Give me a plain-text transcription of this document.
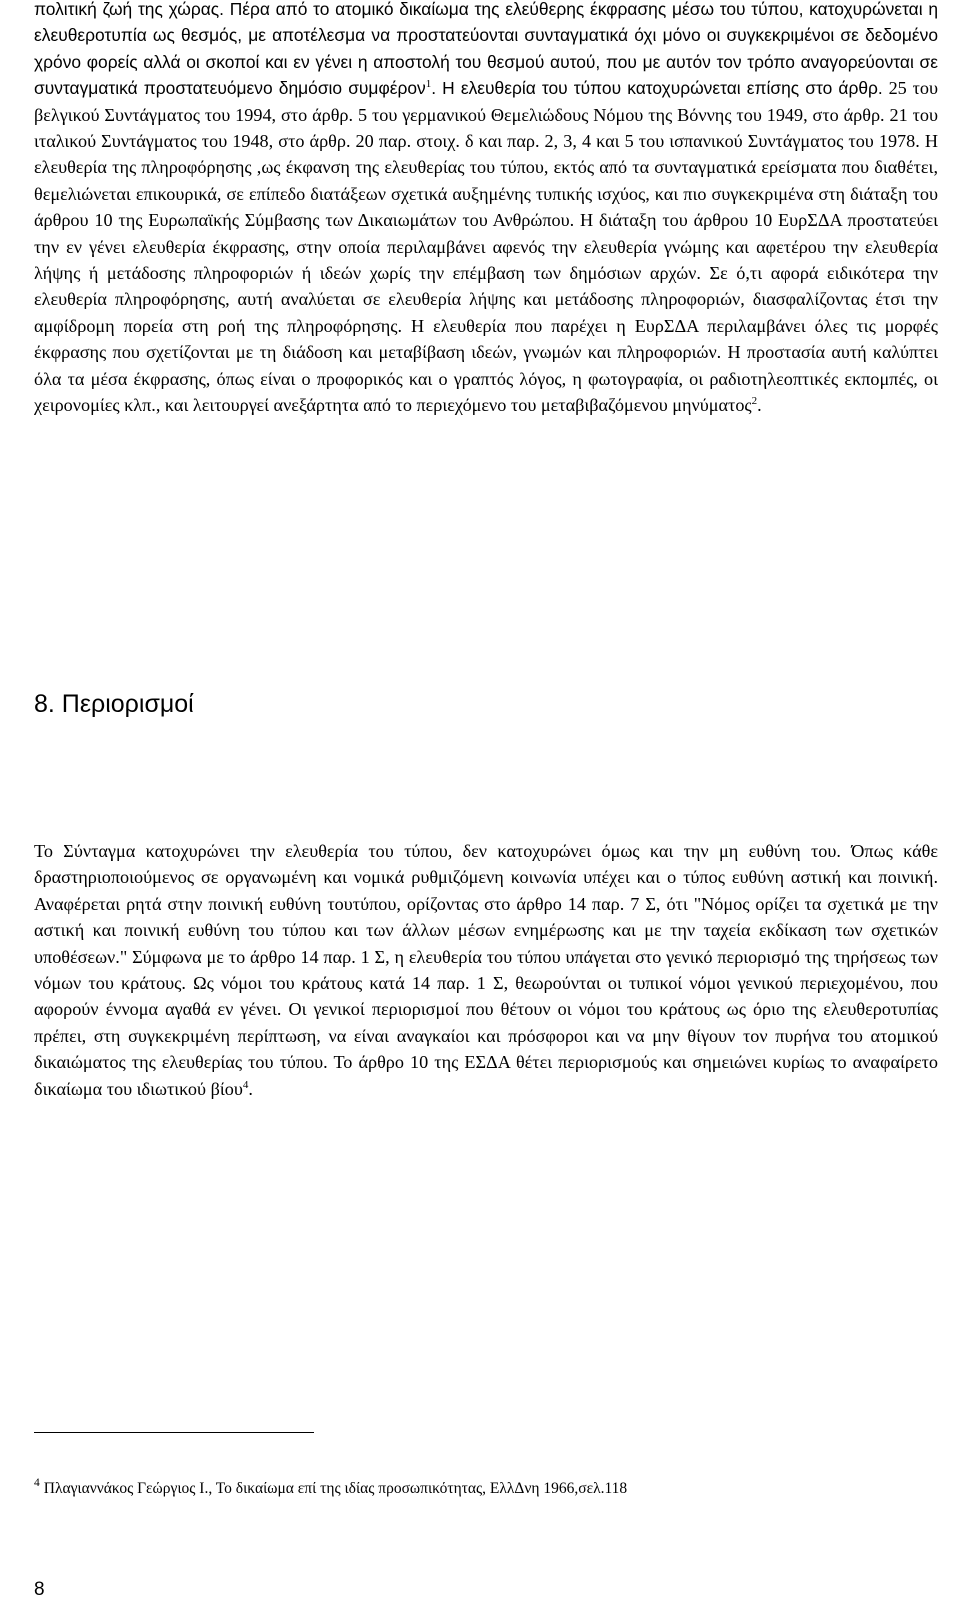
πολιτική ζωή της χώρας. Πέρα από το ατομικό δικαίωμα της ελεύθερης έκφρασης μέσω του τύπου, κατοχυρώνεται η ελευθεροτυπία ως θεσμός, με αποτέλεσμα να προστατεύονται συνταγματικά όχι μόνο οι συγκεκριμένοι σε δεδομένο χρόνο φορείς αλλά οι σκοποί και εν γένει η αποστολή του θεσμού αυτού, που με αυτόν τον τρόπο αναγορεύονται σε συνταγματικά προστατευόμενο δημόσιο συμφέρον$^1$. Η ελευθερία του τύπου κατοχυρώνεται επίσης στο άρθρ. 25 του βελγικού Συντάγματος του 1994, στο άρθρ. 5 του γερμανικού Θεμελιώδους Νόμου της Βόννης του 1949, στο άρθρ. 21 του ιταλικού Συντάγματος του 1948, στο άρθρ. 20 παρ. στοιχ. δ και παρ. 2, 3, 4 και 5 του ισπανικού Συντάγματος του 1978. Η ελευθερία της πληροφόρησης ,ως έκφανση της ελευθερίας του τύπου, εκτός από τα συνταγματικά ερείσματα που διαθέτει, θεμελιώνεται επικουρικά, σε επίπεδο διατάξεων σχετικά αυξημένης τυπικής ισχύος, και πιο συγκεκριμένα στη διάταξη του άρθρου 10 της Ευρωπαϊκής Σύμβασης των Δικαιωμάτων του Ανθρώπου. Η διάταξη του άρθρου 10 ΕυρΣΔΑ προστατεύει την εν γένει ελευθερία έκφρασης, στην οποία περιλαμβάνει αφενός την ελευθερία γνώμης και αφετέρου την ελευθερία λήψης ή μετάδοσης πληροφοριών ή ιδεών χωρίς την επέμβαση των δημόσιων αρχών. Σε ό,τι αφορά ειδικότερα την ελευθερία πληροφόρησης, αυτή αναλύεται σε ελευθερία λήψης και μετάδοσης πληροφοριών, διασφαλίζοντας έτσι την αμφίδρομη πορεία στη ροή της πληροφόρησης. Η ελευθερία που παρέχει η ΕυρΣΔΑ περιλαμβάνει όλες τις μορφές έκφρασης που σχετίζονται με τη διάδοση και μεταβίβαση ιδεών, γνωμών και πληροφοριών. Η προστασία αυτή καλύπτει όλα τα μέσα έκφρασης, όπως είναι ο προφορικός και ο γραπτός λόγος, η φωτογραφία, οι ραδιοτηλεοπτικές εκπομπές, οι χειρονομίες κλπ., και λειτουργεί ανεξάρτητα από το περιεχόμενο του μεταβιβαζόμενου μηνύματος$^2$.

8. Περιορισμοί

Το Σύνταγμα κατοχυρώνει την ελευθερία του τύπου, δεν κατοχυρώνει όμως και την μη ευθύνη του. Όπως κάθε δραστηριοποιούμενος σε οργανωμένη και νομικά ρυθμιζόμενη κοινωνία υπέχει και ο τύπος ευθύνη αστική και ποινική. Αναφέρεται ρητά στην ποινική ευθύνη τουτύπου, ορίζοντας στο άρθρο 14 παρ. 7 Σ, ότι "Νόμος ορίζει τα σχετικά με την αστική και ποινική ευθύνη του τύπου και των άλλων μέσων ενημέρωσης και με την ταχεία εκδίκαση των σχετικών υποθέσεων." Σύμφωνα με το άρθρο 14 παρ. 1 Σ, η ελευθερία του τύπου υπάγεται στο γενικό περιορισμό της τηρήσεως των νόμων του κράτους. Ως νόμοι του κράτους κατά 14 παρ. 1 Σ, θεωρούνται οι τυπικοί νόμοι γενικού περιεχομένου, που αφορούν έννομα αγαθά εν γένει. Οι γενικοί περιορισμοί που θέτουν οι νόμοι του κράτους ως όριο της ελευθεροτυπίας πρέπει, στη συγκεκριμένη περίπτωση, να είναι αναγκαίοι και πρόσφοροι και να μην θίγουν τον πυρήνα του ατομικού δικαιώματος της ελευθερίας του τύπου. Το άρθρο 10 της ΕΣΔΑ θέτει περιορισμούς και σημειώνει κυρίως το αναφαίρετο δικαίωμα του ιδιωτικού βίου$^4$.

$^4$ Πλαγιαννάκος Γεώργιος Ι., Το δικαίωμα επί της ιδίας προσωπικότητας, ΕλλΔνη 1966,σελ.118

8
